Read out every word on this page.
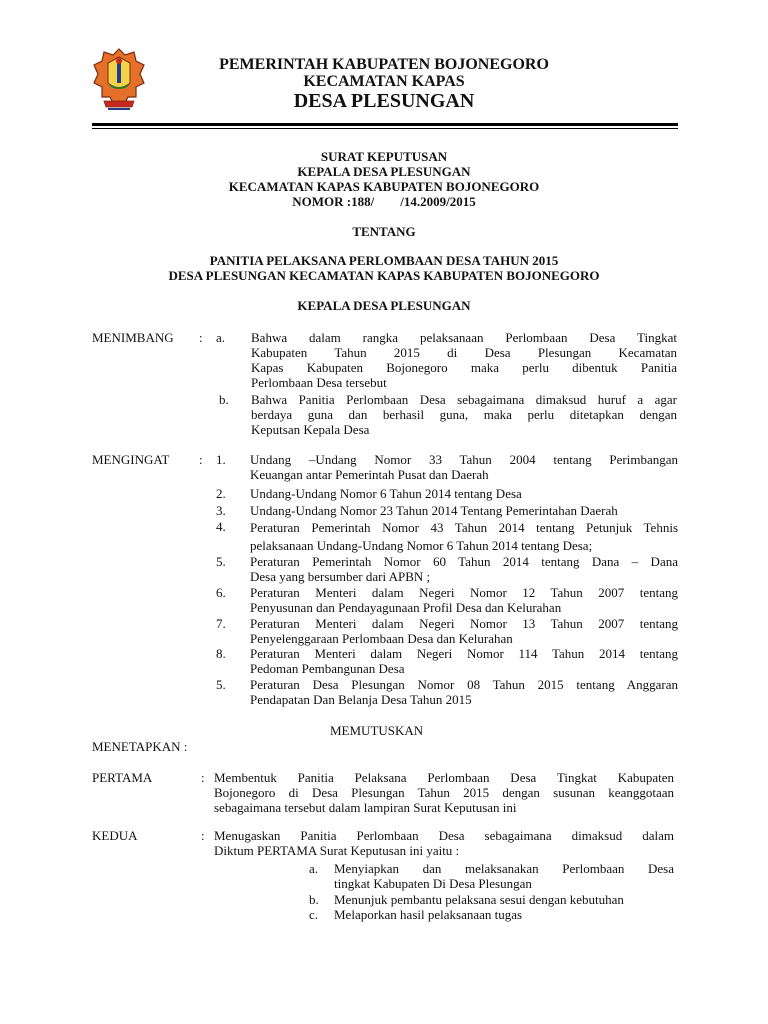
PEMERINTAH KABUPATEN BOJONEGORO
KECAMATAN KAPAS
DESA PLESUNGAN
SURAT KEPUTUSAN
KEPALA DESA PLESUNGAN
KECAMATAN KAPAS KABUPATEN BOJONEGORO
NOMOR :188/        /14.2009/2015
TENTANG
PANITIA PELAKSANA PERLOMBAAN DESA TAHUN 2015
DESA PLESUNGAN KECAMATAN KAPAS KABUPATEN BOJONEGORO
KEPALA DESA PLESUNGAN
MENIMBANG : a. Bahwa dalam rangka pelaksanaan Perlombaan Desa Tingkat
Kabupaten Tahun 2015 di Desa Plesungan Kecamatan
Kapas Kabupaten Bojonegoro maka perlu dibentuk Panitia
Perlombaan Desa tersebut
b. Bahwa Panitia Perlombaan Desa sebagaimana dimaksud huruf a agar
berdaya guna dan berhasil guna, maka perlu ditetapkan dengan
Keputsan Kepala Desa
MENGINGAT : 1. Undang –Undang Nomor 33 Tahun 2004 tentang Perimbangan
Keuangan antar Pemerintah Pusat dan Daerah
2. Undang-Undang Nomor 6 Tahun 2014 tentang Desa
3. Undang-Undang Nomor 23 Tahun 2014 Tentang Pemerintahan Daerah
4. Peraturan Pemerintah Nomor 43 Tahun 2014 tentang Petunjuk Tehnis
pelaksanaan Undang-Undang Nomor 6 Tahun 2014 tentang Desa;
5. Peraturan Pemerintah Nomor 60 Tahun 2014 tentang Dana – Dana
Desa yang bersumber dari APBN ;
6. Peraturan Menteri dalam Negeri Nomor 12 Tahun 2007 tentang
Penyusunan dan Pendayagunaan Profil Desa dan Kelurahan
7. Peraturan Menteri dalam Negeri Nomor 13 Tahun 2007 tentang
Penyelenggaraan Perlombaan Desa dan Kelurahan
8. Peraturan Menteri dalam Negeri Nomor 114 Tahun 2014 tentang
Pedoman Pembangunan Desa
5. Peraturan Desa Plesungan Nomor 08 Tahun 2015 tentang Anggaran
Pendapatan Dan Belanja Desa Tahun 2015
MEMUTUSKAN
MENETAPKAN :
PERTAMA	: Membentuk Panitia Pelaksana Perlombaan Desa Tingkat Kabupaten
Bojonegoro di Desa Plesungan Tahun 2015 dengan susunan keanggotaan
sebagaimana tersebut dalam lampiran Surat Keputusan ini
KEDUA	: Menugaskan Panitia Perlombaan Desa sebagaimana dimaksud dalam
Diktum PERTAMA Surat Keputusan ini yaitu :
a. Menyiapkan dan melaksanakan Perlombaan Desa
tingkat Kabupaten Di Desa Plesungan
b. Menunjuk pembantu pelaksana sesui dengan kebutuhan
c. Melaporkan hasil pelaksanaan tugas
